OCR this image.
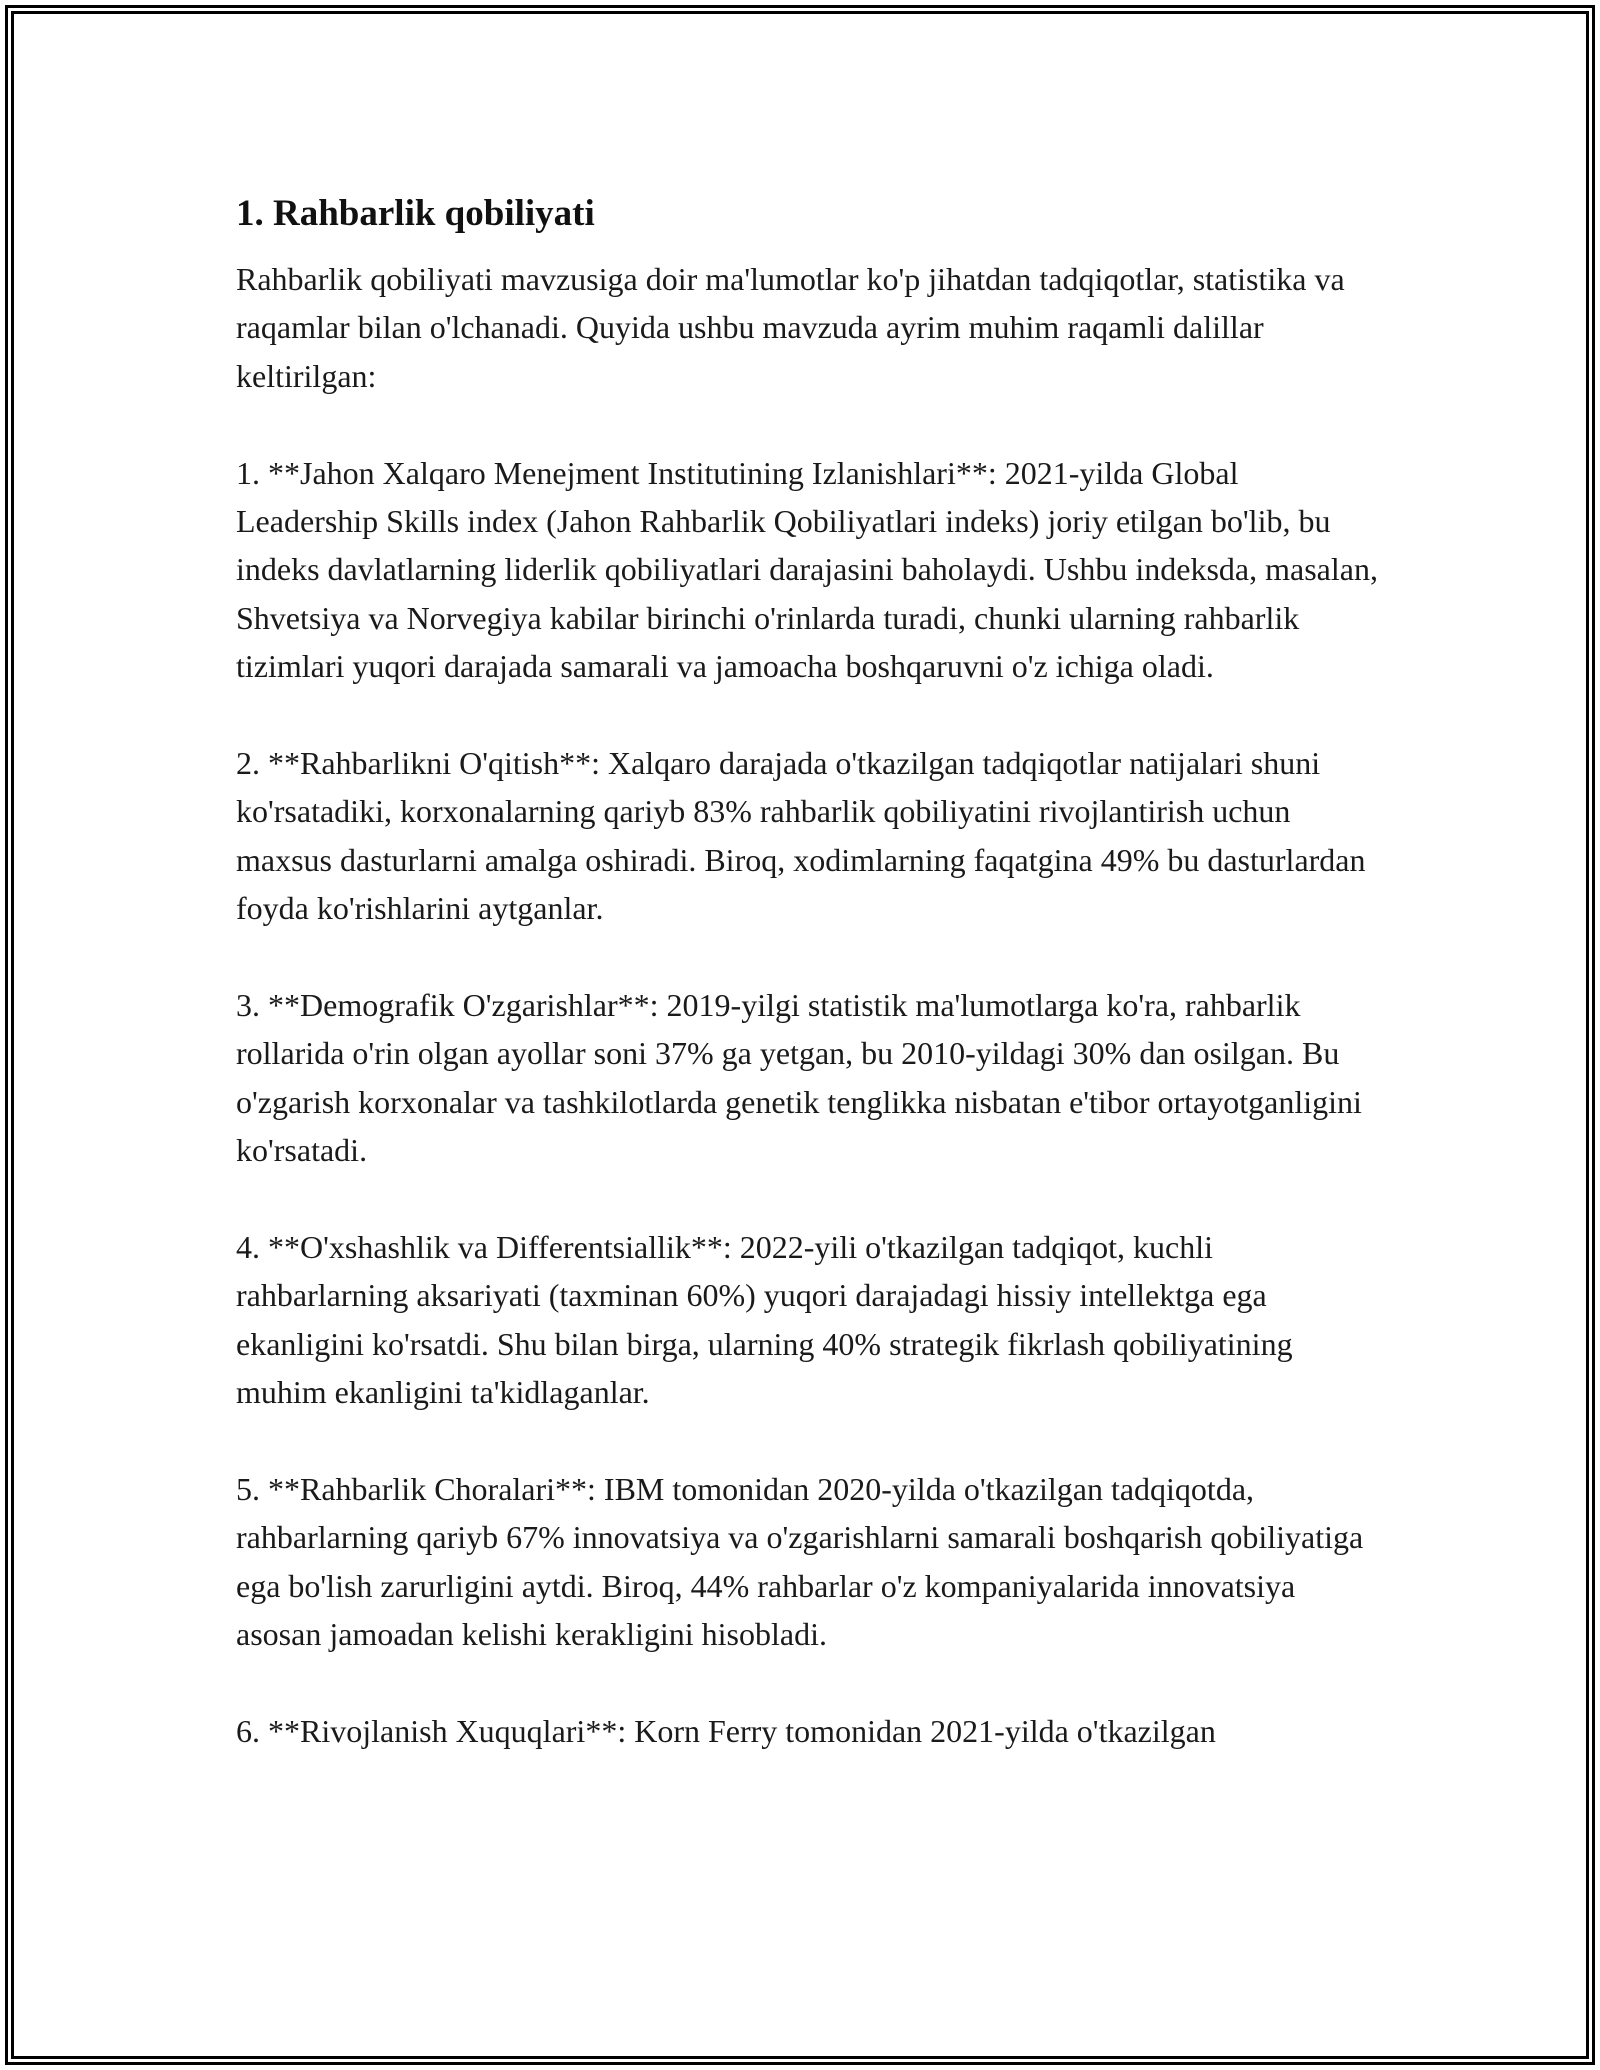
1. Rahbarlik qobiliyati

Rahbarlik qobiliyati mavzusiga doir ma'lumotlar ko'p jihatdan tadqiqotlar, statistika va raqamlar bilan o'lchanadi. Quyida ushbu mavzuda ayrim muhim raqamli dalillar keltirilgan:

1. **Jahon Xalqaro Menejment Institutining Izlanishlari**: 2021-yilda Global Leadership Skills index (Jahon Rahbarlik Qobiliyatlari indeks) joriy etilgan bo'lib, bu indeks davlatlarning liderlik qobiliyatlari darajasini baholaydi. Ushbu indeksda, masalan, Shvetsiya va Norvegiya kabilar birinchi o'rinlarda turadi, chunki ularning rahbarlik tizimlari yuqori darajada samarali va jamoacha boshqaruvni o'z ichiga oladi.

2. **Rahbarlikni O'qitish**: Xalqaro darajada o'tkazilgan tadqiqotlar natijalari shuni ko'rsatadiki, korxonalarning qariyb 83% rahbarlik qobiliyatini rivojlantirish uchun maxsus dasturlarni amalga oshiradi. Biroq, xodimlarning faqatgina 49% bu dasturlardan foyda ko'rishlarini aytganlar.

3. **Demografik O'zgarishlar**: 2019-yilgi statistik ma'lumotlarga ko'ra, rahbarlik rollarida o'rin olgan ayollar soni 37% ga yetgan, bu 2010-yildagi 30% dan osilgan. Bu o'zgarish korxonalar va tashkilotlarda genetik tenglikka nisbatan e'tibor ortayotganligini ko'rsatadi.

4. **O'xshashlik va Differentsiallik**: 2022-yili o'tkazilgan tadqiqot, kuchli rahbarlarning aksariyati (taxminan 60%) yuqori darajadagi hissiy intellektga ega ekanligini ko'rsatdi. Shu bilan birga, ularning 40% strategik fikrlash qobiliyatining muhim ekanligini ta'kidlaganlar.

5. **Rahbarlik Choralari**: IBM tomonidan 2020-yilda o'tkazilgan tadqiqotda, rahbarlarning qariyb 67% innovatsiya va o'zgarishlarni samarali boshqarish qobiliyatiga ega bo'lish zarurligini aytdi. Biroq, 44% rahbarlar o'z kompaniyalarida innovatsiya asosan jamoadan kelishi kerakligini hisobladi.

6. **Rivojlanish Xuquqlari**: Korn Ferry tomonidan 2021-yilda o'tkazilgan
